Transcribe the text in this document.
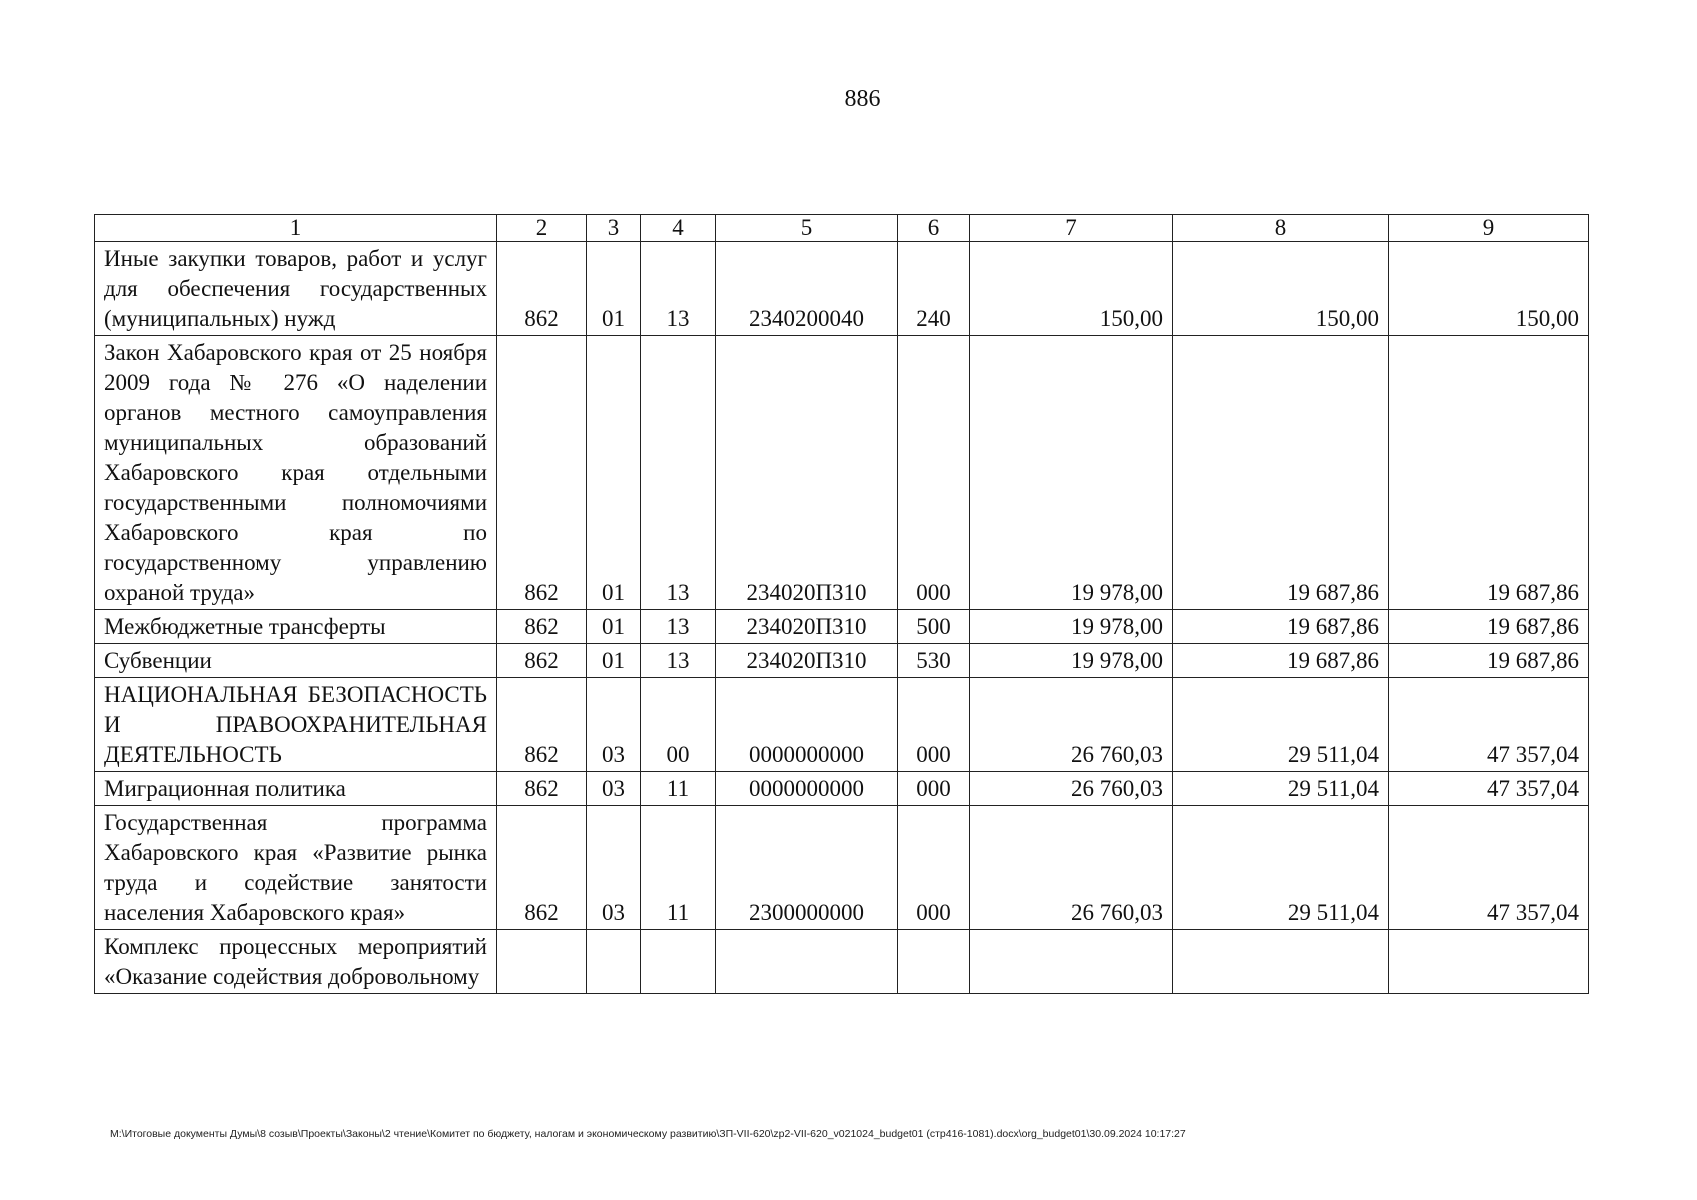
886
1	2	3	4	5	6	7	8	9
Иные закупки товаров, работ и услуг для обеспечения государственных (муниципальных) нужд	862	01	13	2340200040	240	150,00	150,00	150,00
Закон Хабаровского края от 25 ноября 2009 года № 276 «О наделении органов местного самоуправления муниципальных образований Хабаровского края отдельными государственными полномочиями Хабаровского края по государственному управлению охраной труда»	862	01	13	234020П310	000	19 978,00	19 687,86	19 687,86
Межбюджетные трансферты	862	01	13	234020П310	500	19 978,00	19 687,86	19 687,86
Субвенции	862	01	13	234020П310	530	19 978,00	19 687,86	19 687,86
НАЦИОНАЛЬНАЯ БЕЗОПАСНОСТЬ И ПРАВООХРАНИТЕЛЬНАЯ ДЕЯТЕЛЬНОСТЬ	862	03	00	0000000000	000	26 760,03	29 511,04	47 357,04
Миграционная политика	862	03	11	0000000000	000	26 760,03	29 511,04	47 357,04
Государственная программа Хабаровского края «Развитие рынка труда и содействие занятости населения Хабаровского края»	862	03	11	2300000000	000	26 760,03	29 511,04	47 357,04
Комплекс процессных мероприятий «Оказание содействия добровольному								
M:\Итоговые документы Думы\8 созыв\Проекты\Законы\2 чтение\Комитет по бюджету, налогам и экономическому развитию\ЗП-VII-620\zp2-VII-620_v021024_budget01 (стр416-1081).docx\org_budget01\30.09.2024 10:17:27
